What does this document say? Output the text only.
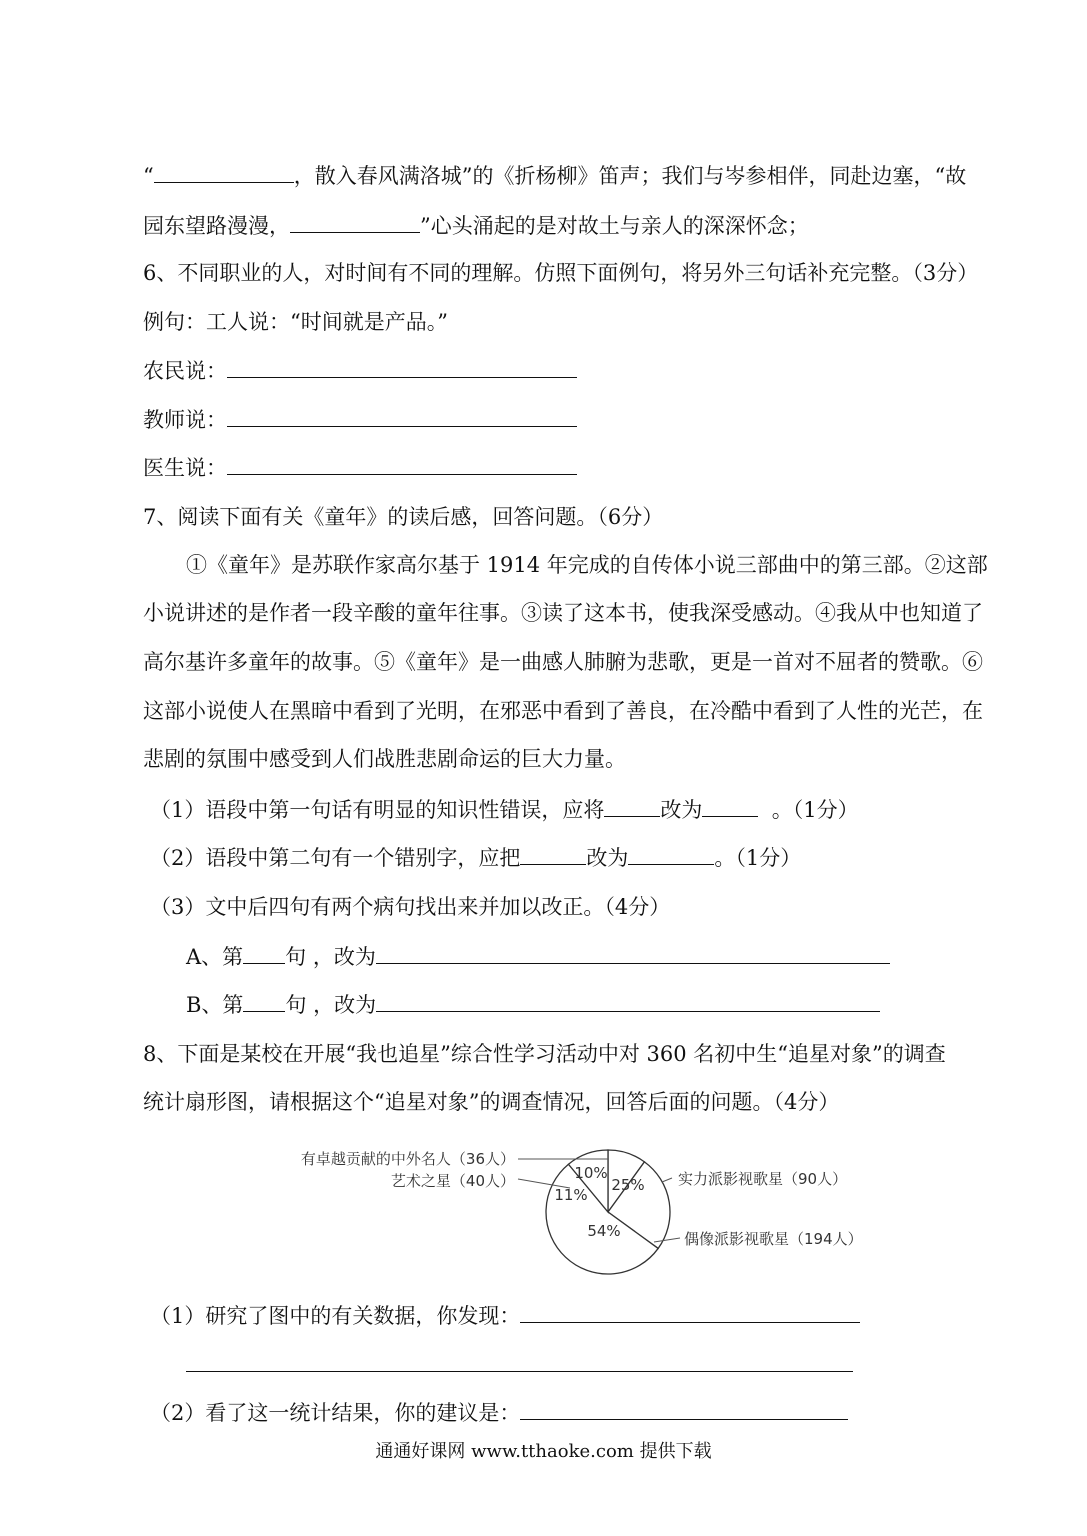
“	，散入春风满洛城”的《折杨柳》笛声；我们与岑参相伴，同赴边塞，“故
园东望路漫漫，	”心头涌起的是对故土与亲人的深深怀念；
6、不同职业的人，对时间有不同的理解。仿照下面例句，将另外三句话补充完整。（3分）
例句：工人说：“时间就是产品。”
农民说：
教师说：
医生说：
7、阅读下面有关《童年》的读后感，回答问题。（6分）
①《童年》是苏联作家高尔基于 1914 年完成的自传体小说三部曲中的第三部。②这部
小说讲述的是作者一段辛酸的童年往事。③读了这本书，使我深受感动。④我从中也知道了
高尔基许多童年的故事。⑤《童年》是一曲感人肺腑为悲歌，更是一首对不屈者的赞歌。⑥
这部小说使人在黑暗中看到了光明，在邪恶中看到了善良，在冷酷中看到了人性的光芒，在
悲剧的氛围中感受到人们战胜悲剧命运的巨大力量。
（1）语段中第一句话有明显的知识性错误，应将	改为	。（1分）
（2）语段中第二句有一个错别字，应把	改为	。（1分）
（3）文中后四句有两个病句找出来并加以改正。（4分）
A、第 句 ，改为
B、第 句 ，改为
8、下面是某校在开展“我也追星”综合性学习活动中对 360 名初中生“追星对象”的调查
统计扇形图，请根据这个“追星对象”的调查情况，回答后面的问题。（4分）
有卓越贡献的中外名人（36人）
艺术之星（40人）	实力派影视歌星（90人）
偶像派影视歌星（194人）
10%
25%
54%
11%
（1）研究了图中的有关数据，你发现：
（2）看了这一统计结果，你的建议是：
通通好课网 www.tthaoke.com 提供下载
